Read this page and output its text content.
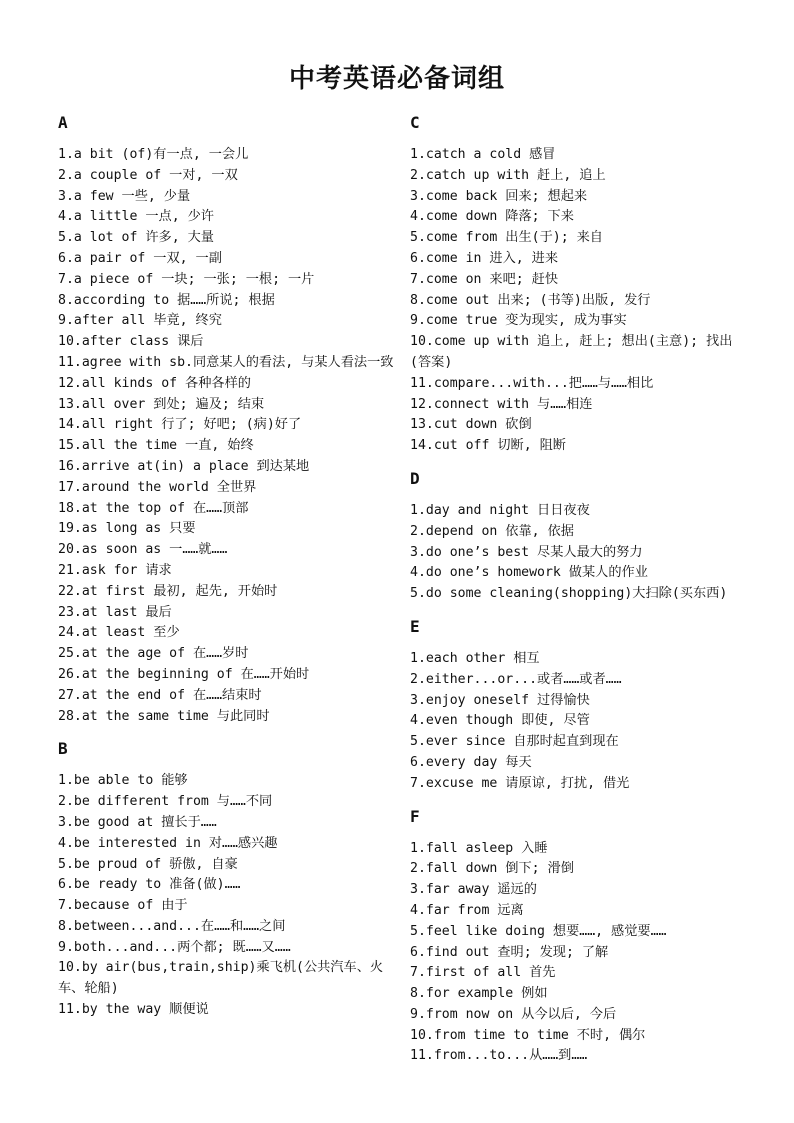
中考英语必备词组
A
1.a bit (of)有一点, 一会儿
2.a couple of 一对, 一双
3.a few 一些, 少量
4.a little 一点, 少许
5.a lot of 许多, 大量
6.a pair of 一双, 一副
7.a piece of 一块; 一张; 一根; 一片
8.according to 据……所说; 根据
9.after all 毕竟, 终究
10.after class 课后
11.agree with sb.同意某人的看法, 与某人看法一致
12.all kinds of 各种各样的
13.all over 到处; 遍及; 结束
14.all right 行了; 好吧; (病)好了
15.all the time 一直, 始终
16.arrive at(in) a place 到达某地
17.around the world 全世界
18.at the top of 在……顶部
19.as long as 只要
20.as soon as 一……就……
21.ask for 请求
22.at first 最初, 起先, 开始时
23.at last 最后
24.at least 至少
25.at the age of 在……岁时
26.at the beginning of 在……开始时
27.at the end of 在……结束时
28.at the same time 与此同时
B
1.be able to 能够
2.be different from 与……不同
3.be good at 擅长于……
4.be interested in 对……感兴趣
5.be proud of 骄傲, 自豪
6.be ready to 准备(做)……
7.because of 由于
8.between...and...在……和……之间
9.both...and...两个都; 既……又……
10.by air(bus,train,ship)乘飞机(公共汽车、火车、轮船)
11.by the way 顺便说
C
1.catch a cold 感冒
2.catch up with 赶上, 追上
3.come back 回来; 想起来
4.come down 降落; 下来
5.come from 出生(于); 来自
6.come in 进入, 进来
7.come on 来吧; 赶快
8.come out 出来; (书等)出版, 发行
9.come true 变为现实, 成为事实
10.come up with 追上, 赶上; 想出(主意); 找出(答案)
11.compare...with...把……与……相比
12.connect with 与……相连
13.cut down 砍倒
14.cut off 切断, 阻断
D
1.day and night 日日夜夜
2.depend on 依靠, 依据
3.do one’s best 尽某人最大的努力
4.do one’s homework 做某人的作业
5.do some cleaning(shopping)大扫除(买东西)
E
1.each other 相互
2.either...or...或者……或者……
3.enjoy oneself 过得愉快
4.even though 即使, 尽管
5.ever since 自那时起直到现在
6.every day 每天
7.excuse me 请原谅, 打扰, 借光
F
1.fall asleep 入睡
2.fall down 倒下; 滑倒
3.far away 遥远的
4.far from 远离
5.feel like doing 想要……, 感觉要……
6.find out 查明; 发现; 了解
7.first of all 首先
8.for example 例如
9.from now on 从今以后, 今后
10.from time to time 不时, 偶尔
11.from...to...从……到……
